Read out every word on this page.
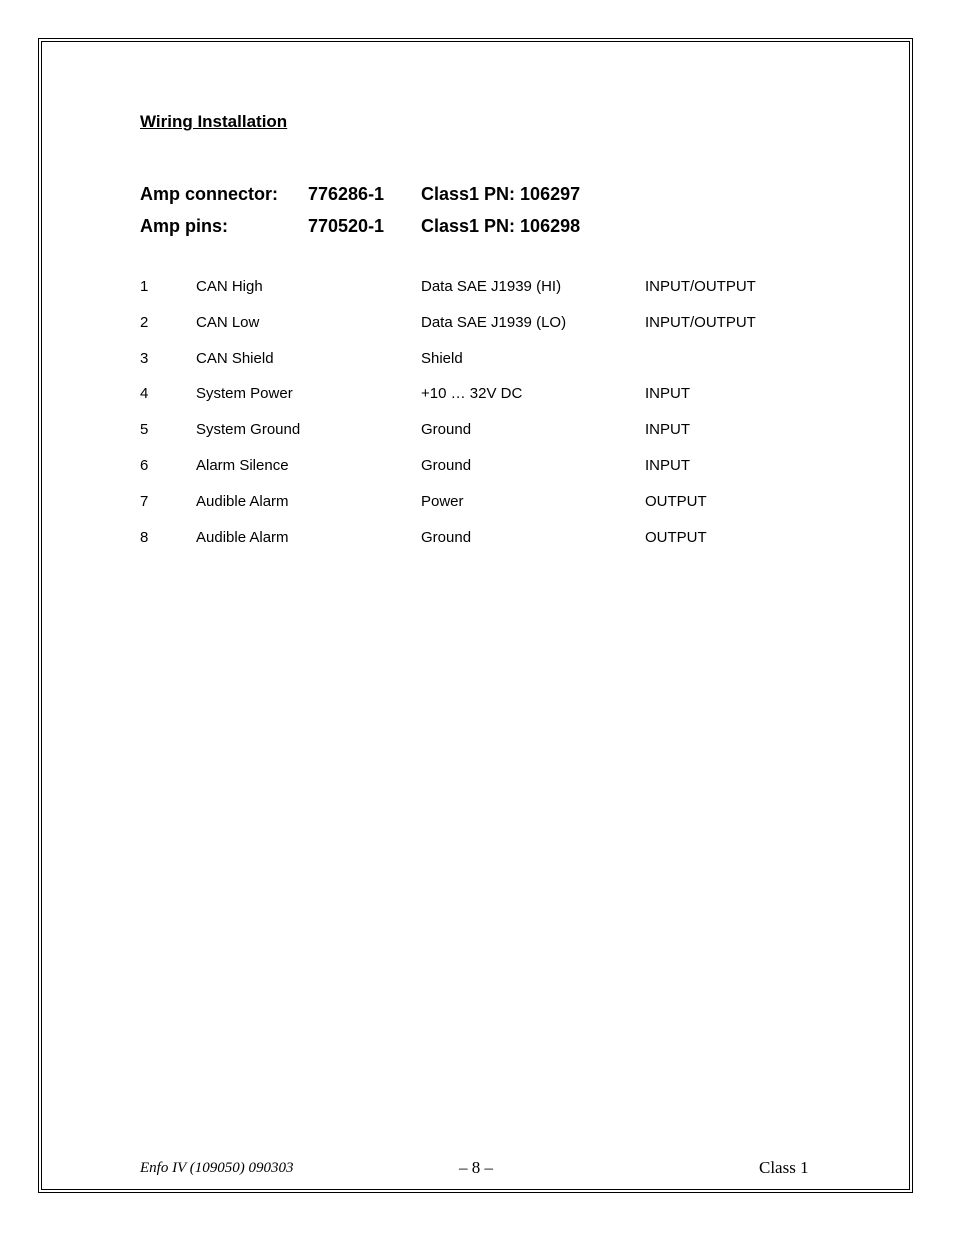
Wiring Installation
Amp connector: 776286-1 Class1 PN: 106297
Amp pins:	770520-1 Class1 PN: 106298
1	CAN High	Data SAE J1939 (HI)	INPUT/OUTPUT
2	CAN Low	Data SAE J1939 (LO)	INPUT/OUTPUT
3	CAN Shield	Shield
4	System Power	+10 … 32V DC	INPUT
5	System Ground	Ground	INPUT
6	Alarm Silence	Ground	INPUT
7	Audible Alarm	Power	OUTPUT
8	Audible Alarm	Ground	OUTPUT
Enfo IV (109050) 090303	– 8 –	Class 1
